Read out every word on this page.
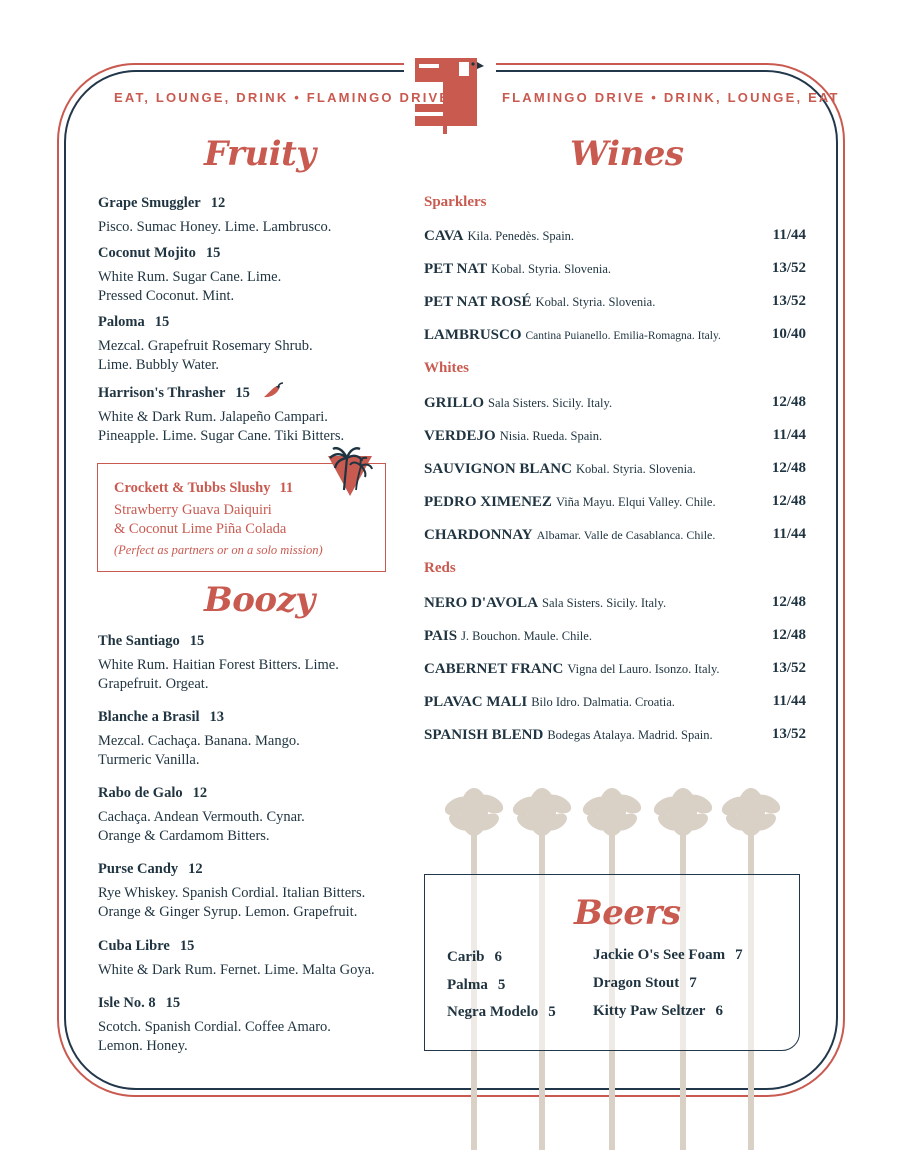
EAT, LOUNGE, DRINK • FLAMINGO DRIVE	FLAMINGO DRIVE • DRINK, LOUNGE, EAT
Fruity
Boozy
Wines
Grape Smuggler 12
Pisco. Sumac Honey. Lime. Lambrusco.
Coconut Mojito 15
White Rum. Sugar Cane. Lime.
Pressed Coconut. Mint.
Paloma 15
Mezcal. Grapefruit Rosemary Shrub.
Lime. Bubbly Water.
Harrison's Thrasher 15
White & Dark Rum. Jalapeño Campari.
Pineapple. Lime. Sugar Cane. Tiki Bitters.
Crockett & Tubbs Slushy 11
Strawberry Guava Daiquiri
& Coconut Lime Piña Colada
(Perfect as partners or on a solo mission)
The Santiago 15
White Rum. Haitian Forest Bitters. Lime.
Grapefruit. Orgeat.
Blanche a Brasil 13
Mezcal. Cachaça. Banana. Mango.
Turmeric Vanilla.
Rabo de Galo 12
Cachaça. Andean Vermouth. Cynar.
Orange & Cardamom Bitters.
Purse Candy 12
Rye Whiskey. Spanish Cordial. Italian Bitters.
Orange & Ginger Syrup. Lemon. Grapefruit.
Cuba Libre 15
White & Dark Rum. Fernet. Lime. Malta Goya.
Isle No. 8 15
Scotch. Spanish Cordial. Coffee Amaro.
Lemon. Honey.
Sparklers
CAVA Kila. Penedès. Spain.	11/44
PET NAT Kobal. Styria. Slovenia.	13/52
PET NAT ROSÉ Kobal. Styria. Slovenia.	13/52
LAMBRUSCO Cantina Puianello. Emilia-Romagna. Italy.	10/40
Whites
GRILLO Sala Sisters. Sicily. Italy.	12/48
VERDEJO Nisia. Rueda. Spain.	11/44
SAUVIGNON BLANC Kobal. Styria. Slovenia.	12/48
PEDRO XIMENEZ Viña Mayu. Elqui Valley. Chile.	12/48
CHARDONNAY Albamar. Valle de Casablanca. Chile.	11/44
Reds
NERO D'AVOLA Sala Sisters. Sicily. Italy.	12/48
PAIS J. Bouchon. Maule. Chile.	12/48
CABERNET FRANC Vigna del Lauro. Isonzo. Italy.	13/52
PLAVAC MALI Bilo Idro. Dalmatia. Croatia.	11/44
SPANISH BLEND Bodegas Atalaya. Madrid. Spain.	13/52
Carib 6
Palma 5
Negra Modelo 5
Jackie O's See Foam 7
Dragon Stout 7
Kitty Paw Seltzer 6
Beers
